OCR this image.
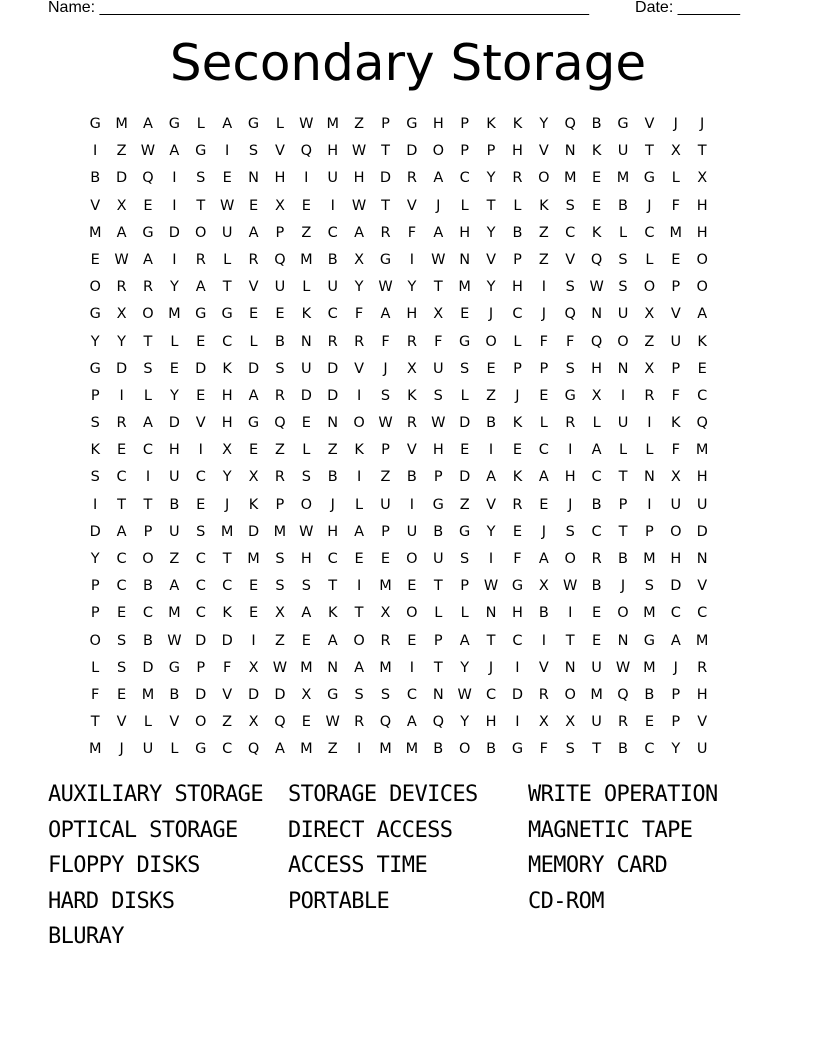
Name: _______________________________________________________	Date: _______
Secondary Storage
G	M	A	G	L	A	G	L	W M	Z	P	G	H	P	K	K	Y	Q	B	G	V	J	J
I	Z W A	G	I	S	V	Q	H W	T	D	O	P	P	H	V	N	K	U	T	X	T
B	D	Q	I	S	E	N	H	I	U	H	D	R	A	C	Y	R	O M	E	M	G	L	X
V	X	E	I	T	W	E	X	E	I	W	T	V	J	L	T	L	K	S	E	B	J	F	H
M	A	G	D	O	U	A	P	Z	C	A	R	F	A	H	Y	B	Z	C	K	L	C	M	H
E	W A	I	R	L	R	Q M	B	X	G	I	W N	V	P	Z	V	Q	S	L	E	O
O	R	R	Y	A	T	V	U	L	U	Y	W	Y	T	M	Y	H	I	S	W	S	O	P	O
G	X	O M	G	G	E	E	K	C	F	A	H	X	E	J	C	J	Q	N	U	X	V	A
Y	Y	T	L	E	C	L	B	N	R	R	F	R	F	G	O	L	F	F	Q	O	Z	U	K
G	D	S	E	D	K	D	S	U	D	V	J	X	U	S	E	P	P	S	H	N	X	P	E
P	I	L	Y	E	H	A	R	D	D	I	S	K	S	L	Z	J	E	G	X	I	R	F	C
S	R	A	D	V	H	G	Q	E	N	O W R W D	B	K	L	R	L	U	I	K	Q
K	E	C	H	I	X	E	Z	L	Z	K	P	V	H	E	I	E	C	I	A	L	L	F	M
S	C	I	U	C	Y	X	R	S	B	I	Z	B	P	D	A	K	A	H	C	T	N	X	H
I	T	T	B	E	J	K	P	O	J	L	U	I	G	Z	V	R	E	J	B	P	I	U	U
D	A	P	U	S	M	D	M W H	A	P	U	B	G	Y	E	J	S	C	T	P	O	D
Y	C	O	Z	C	T	M	S	H	C	E	E	O	U	S	I	F	A	O	R	B	M	H	N
P	C	B	A	C	C	E	S	S	T	I	M	E	T	P	W G	X W B	J	S	D	V
P	E	C	M	C	K	E	X	A	K	T	X	O	L	L	N	H	B	I	E	O M	C	C
O	S	B W D	D	I	Z	E	A	O	R	E	P	A	T	C	I	T	E	N	G	A	M
L	S	D	G	P	F	X W M	N	A	M	I	T	Y	J	I	V	N	U W M	J	R
F	E	M	B	D	V	D	D	X	G	S	S	C	N W C	D	R	O M Q	B	P	H
T	V	L	V	O	Z	X	Q	E	W R	Q	A	Q	Y	H	I	X	X	U	R	E	P	V
M	J	U	L	G	C	Q	A	M	Z	I	M M	B	O	B	G	F	S	T	B	C	Y	U
AUXILIARY STORAGE
OPTICAL STORAGE
FLOPPY DISKS
HARD DISKS
BLURAY
STORAGE DEVICES
DIRECT ACCESS
ACCESS TIME
PORTABLE
WRITE OPERATION
MAGNETIC TAPE
MEMORY CARD
CD-ROM
